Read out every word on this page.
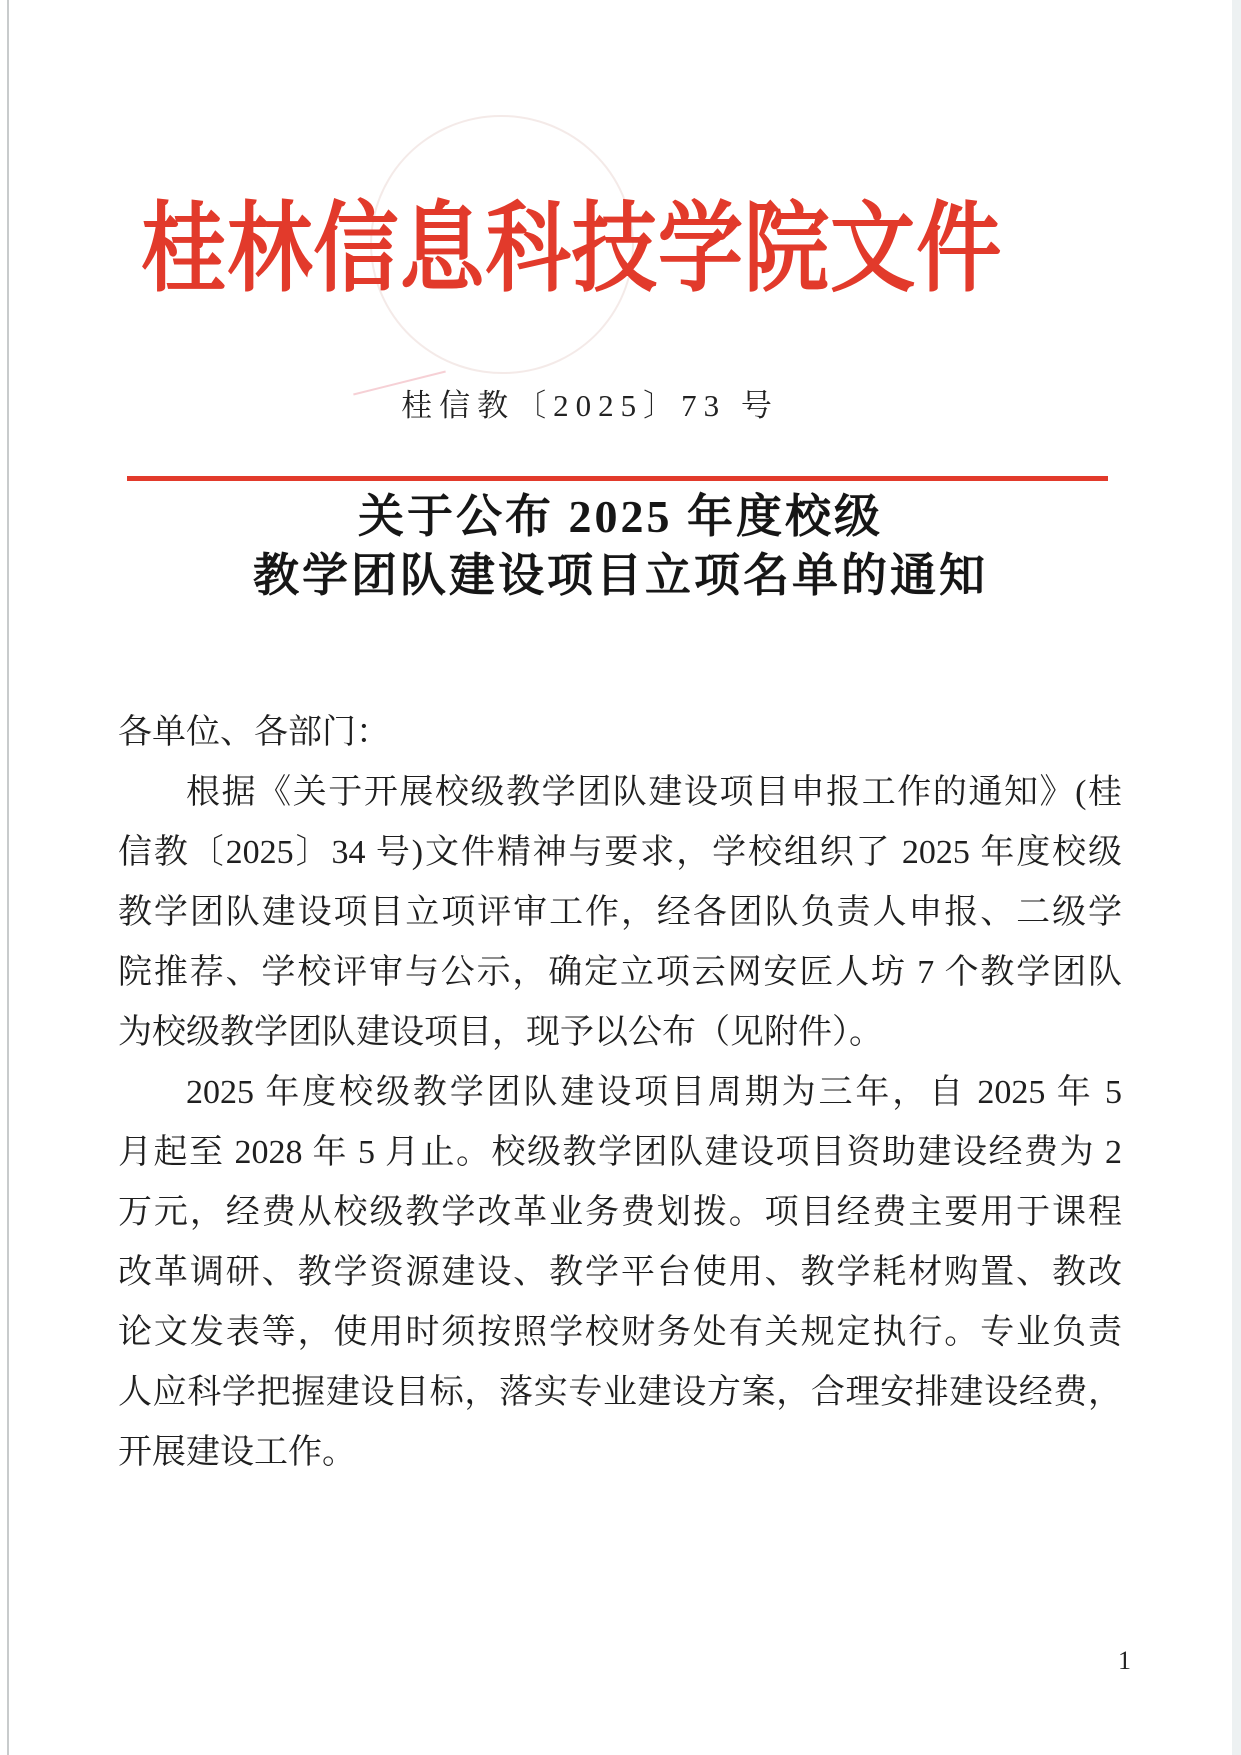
桂林信息科技学院文件
桂信教〔2025〕73 号
关于公布 2025 年度校级
教学团队建设项目立项名单的通知
各单位、各部门：
根据《关于开展校级教学团队建设项目申报工作的通知》(桂
信教〔2025〕34 号)文件精神与要求，学校组织了 2025 年度校级
教学团队建设项目立项评审工作，经各团队负责人申报、二级学
院推荐、学校评审与公示，确定立项云网安匠人坊 7 个教学团队
为校级教学团队建设项目，现予以公布（见附件）。
2025 年度校级教学团队建设项目周期为三年，自 2025 年 5
月起至 2028 年 5 月止。校级教学团队建设项目资助建设经费为 2
万元，经费从校级教学改革业务费划拨。项目经费主要用于课程
改革调研、教学资源建设、教学平台使用、教学耗材购置、教改
论文发表等，使用时须按照学校财务处有关规定执行。专业负责
人应科学把握建设目标，落实专业建设方案，合理安排建设经费，
开展建设工作。
1
